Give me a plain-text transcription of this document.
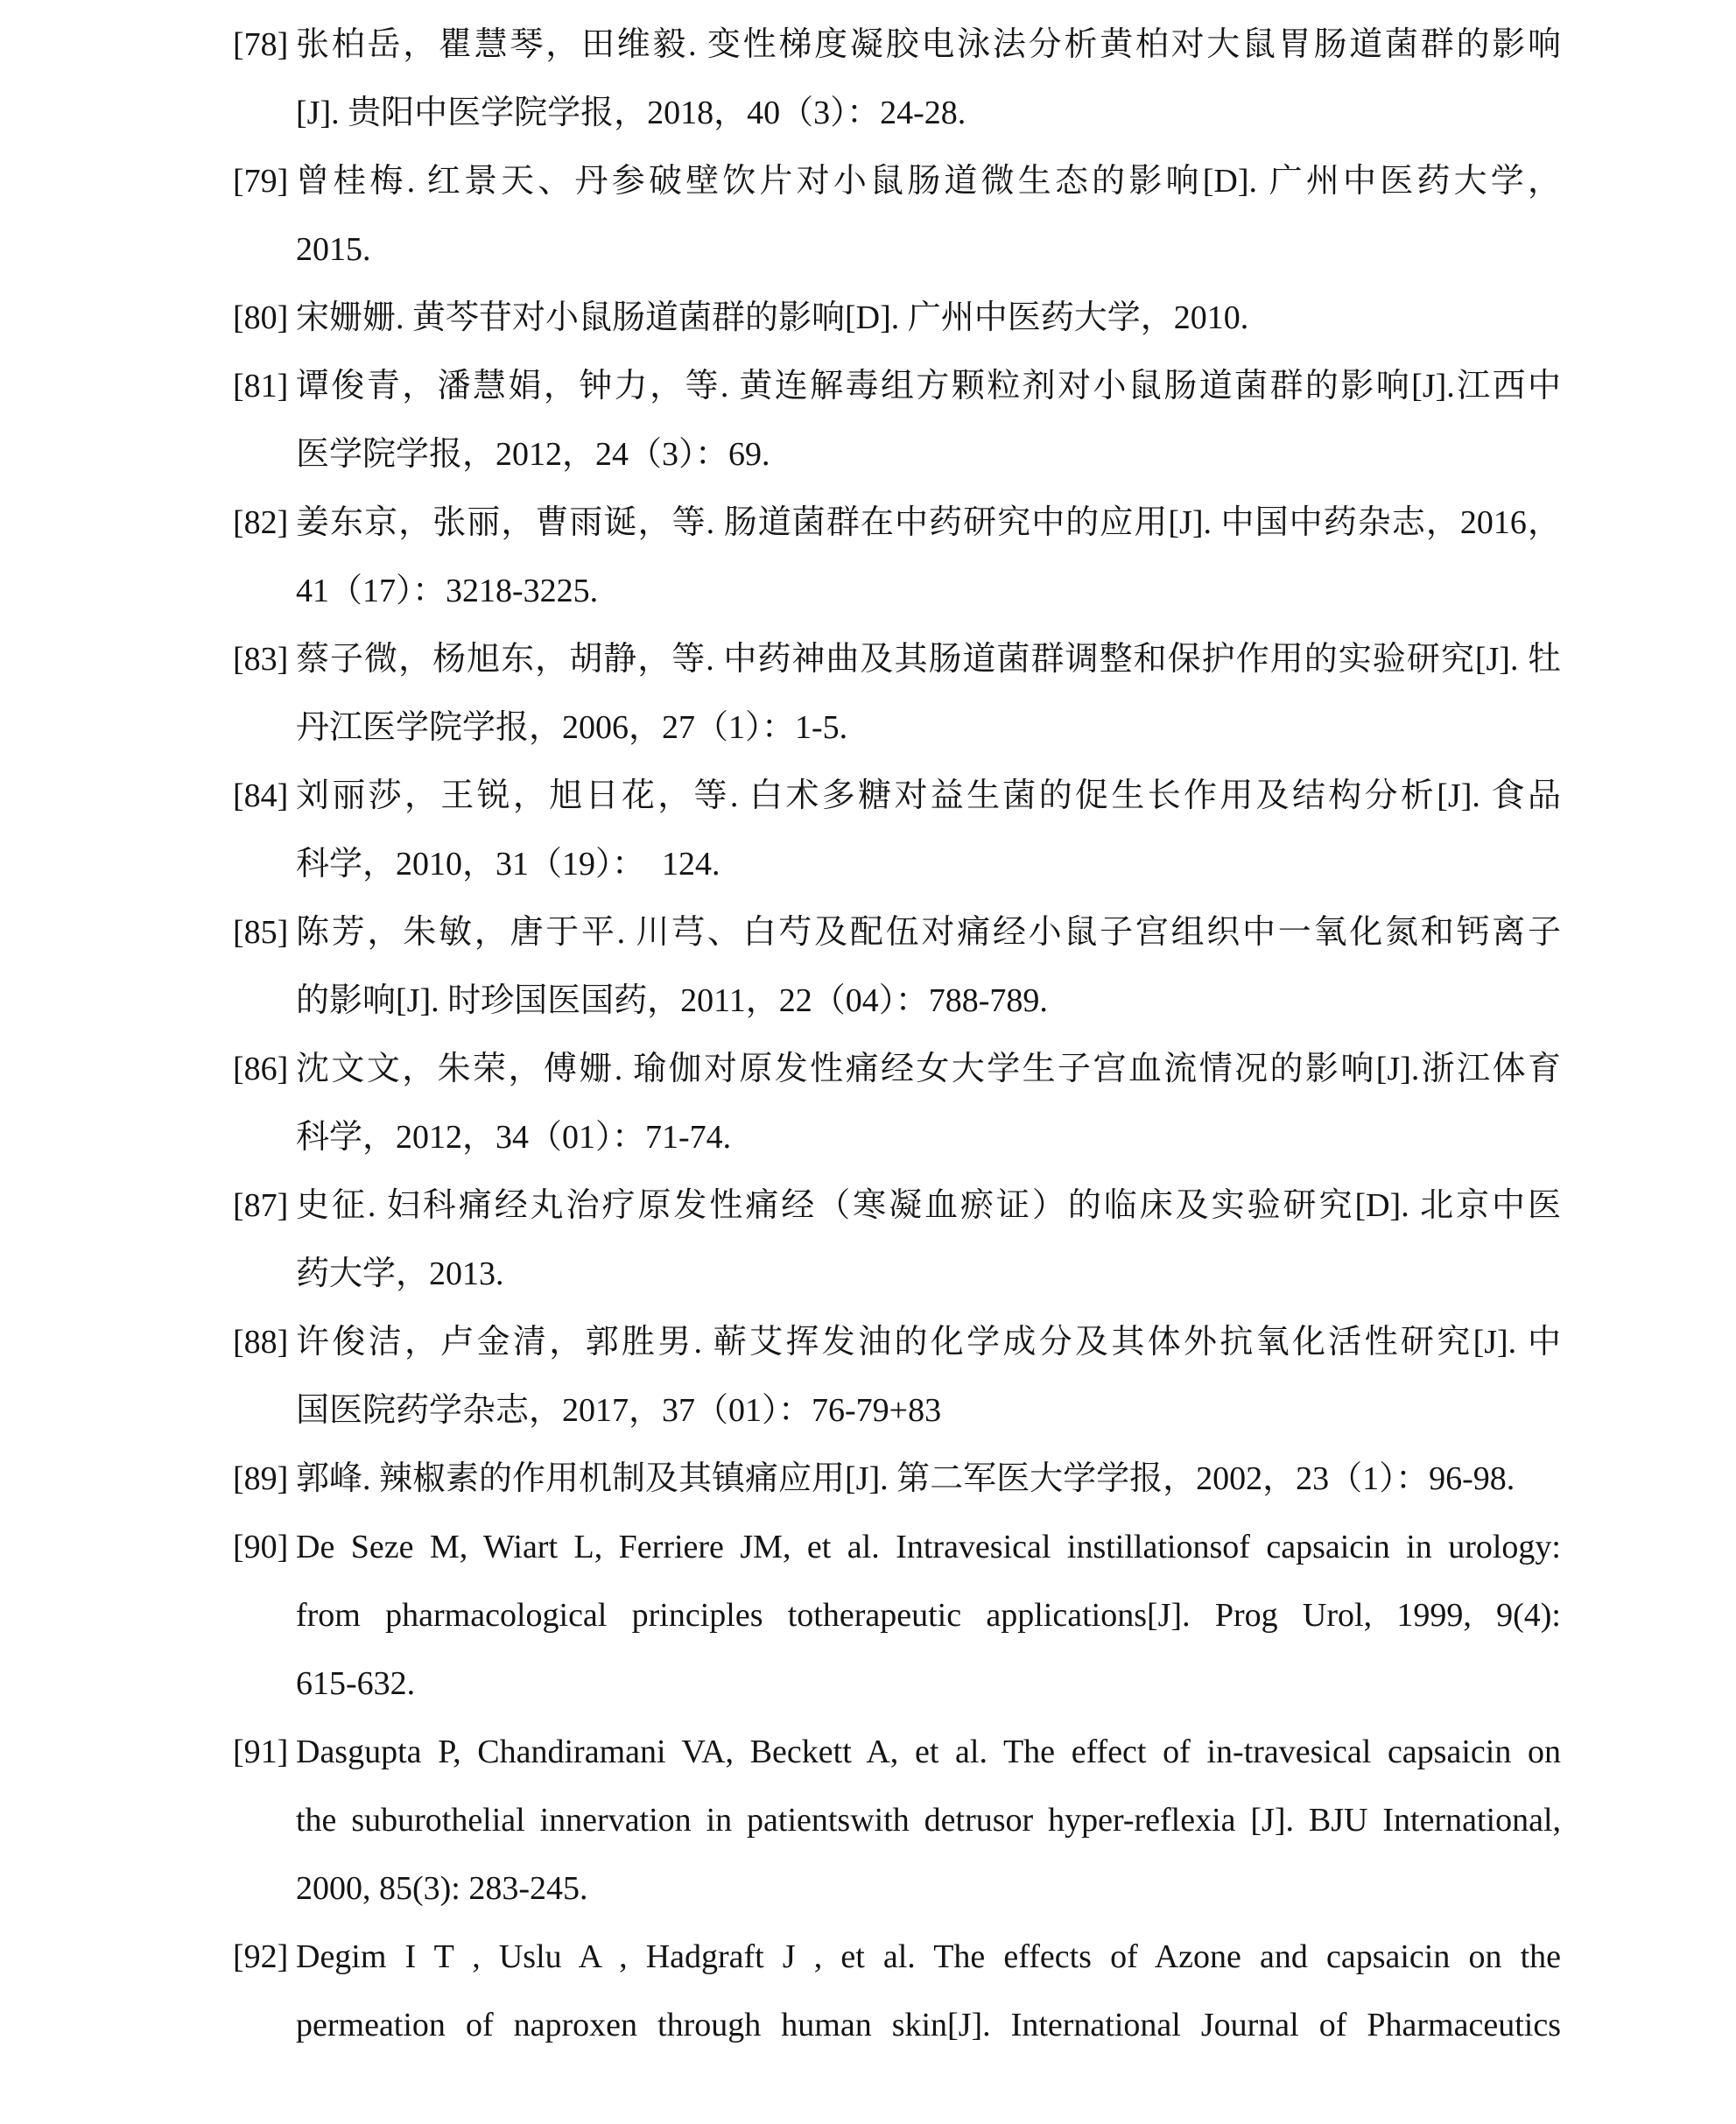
[78] 张柏岳，瞿慧琴，田维毅. 变性梯度凝胶电泳法分析黄柏对大鼠胃肠道菌群的影响
[J]. 贵阳中医学院学报，2018，40（3）：24-28.
[79] 曾桂梅. 红景天、丹参破壁饮片对小鼠肠道微生态的影响[D]. 广州中医药大学，
2015.
[80] 宋姗姗. 黄芩苷对小鼠肠道菌群的影响[D]. 广州中医药大学，2010.
[81] 谭俊青，潘慧娟，钟力，等. 黄连解毒组方颗粒剂对小鼠肠道菌群的影响[J].江西中
医学院学报，2012，24（3）：69.
[82] 姜东京，张丽，曹雨诞，等. 肠道菌群在中药研究中的应用[J]. 中国中药杂志，2016，
41（17）：3218-3225.
[83] 蔡子微，杨旭东，胡静，等. 中药神曲及其肠道菌群调整和保护作用的实验研究[J]. 牡
丹江医学院学报，2006，27（1）：1-5.
[84] 刘丽莎，王锐，旭日花，等. 白术多糖对益生菌的促生长作用及结构分析[J]. 食品
科学，2010，31（19）：  124.
[85] 陈芳，朱敏，唐于平. 川芎、白芍及配伍对痛经小鼠子宫组织中一氧化氮和钙离子
的影响[J]. 时珍国医国药，2011，22（04）：788-789.
[86] 沈文文，朱荣，傅姗. 瑜伽对原发性痛经女大学生子宫血流情况的影响[J].浙江体育
科学，2012，34（01）：71-74.
[87] 史征. 妇科痛经丸治疗原发性痛经（寒凝血瘀证）的临床及实验研究[D]. 北京中医
药大学，2013.
[88] 许俊洁，卢金清，郭胜男. 蕲艾挥发油的化学成分及其体外抗氧化活性研究[J]. 中
国医院药学杂志，2017，37（01）：76-79+83
[89] 郭峰. 辣椒素的作用机制及其镇痛应用[J]. 第二军医大学学报，2002，23（1）：96-98.
[90] De Seze M, Wiart L, Ferriere JM, et al. Intravesical instillationsof capsaicin in urology:
from pharmacological principles totherapeutic applications[J]. Prog Urol, 1999, 9(4):
615-632.
[91] Dasgupta P, Chandiramani VA, Beckett A, et al. The effect of in-travesical capsaicin on
the suburothelial innervation in patientswith detrusor hyper-reflexia [J]. BJU International,
2000, 85(3): 283-245.
[92] Degim I T , Uslu A , Hadgraft J , et al. The effects of Azone and capsaicin on the
permeation of naproxen through human skin[J]. International Journal of Pharmaceutics
